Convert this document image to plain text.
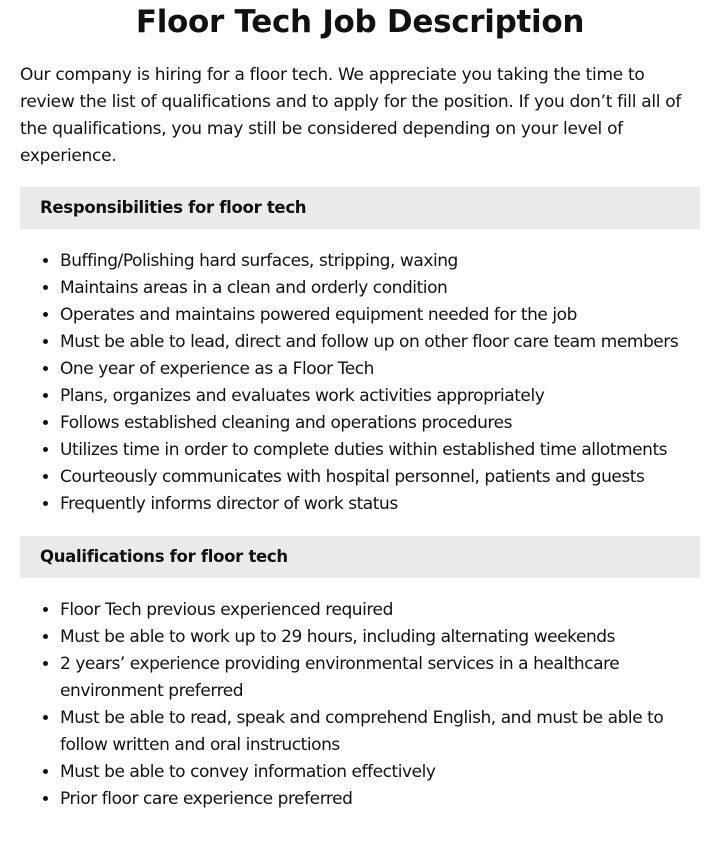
Floor Tech Job Description

Our company is hiring for a floor tech. We appreciate you taking the time to review the list of qualifications and to apply for the position. If you don’t fill all of the qualifications, you may still be considered depending on your level of experience.

Responsibilities for floor tech
• Buffing/Polishing hard surfaces, stripping, waxing
• Maintains areas in a clean and orderly condition
• Operates and maintains powered equipment needed for the job
• Must be able to lead, direct and follow up on other floor care team members
• One year of experience as a Floor Tech
• Plans, organizes and evaluates work activities appropriately
• Follows established cleaning and operations procedures
• Utilizes time in order to complete duties within established time allotments
• Courteously communicates with hospital personnel, patients and guests
• Frequently informs director of work status
Qualifications for floor tech
• Floor Tech previous experienced required
• Must be able to work up to 29 hours, including alternating weekends
• 2 years’ experience providing environmental services in a healthcare environment preferred
• Must be able to read, speak and comprehend English, and must be able to follow written and oral instructions
• Must be able to convey information effectively
• Prior floor care experience preferred
